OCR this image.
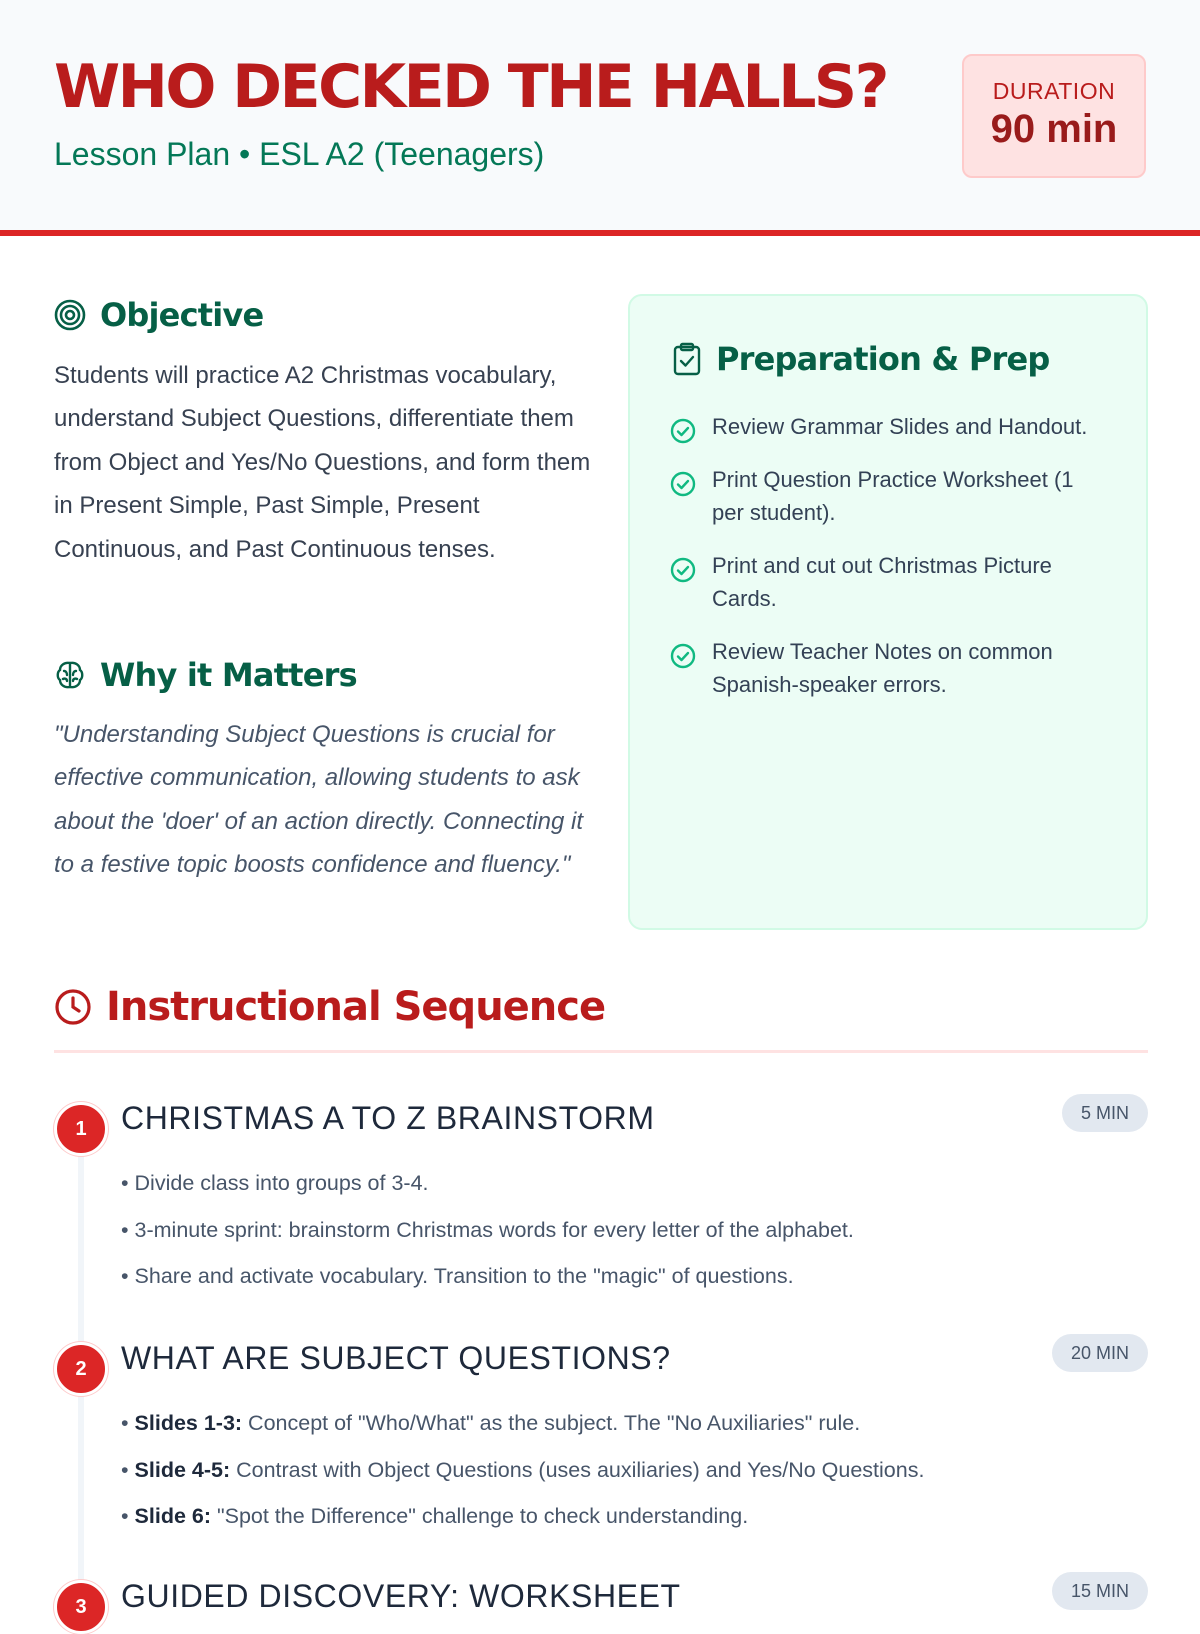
WHO DECKED THE HALLS?
Lesson Plan • ESL A2 (Teenagers)
DURATION
90 min
Objective

Students will practice A2 Christmas vocabulary, understand Subject Questions, differentiate them from Object and Yes/No Questions, and form them in Present Simple, Past Simple, Present Continuous, and Past Continuous tenses.

Why it Matters

"Understanding Subject Questions is crucial for effective communication, allowing students to ask about the 'doer' of an action directly. Connecting it to a festive topic boosts confidence and fluency."

Preparation & Prep
Review Grammar Slides and Handout.
Print Question Practice Worksheet (1 per student).
Print and cut out Christmas Picture Cards.
Review Teacher Notes on common Spanish-speaker errors.
Instructional Sequence
1	CHRISTMAS A TO Z BRAINSTORM	5 MIN
• Divide class into groups of 3-4.
• 3-minute sprint: brainstorm Christmas words for every letter of the alphabet.
• Share and activate vocabulary. Transition to the "magic" of questions.
2	WHAT ARE SUBJECT QUESTIONS?	20 MIN
• Slides 1-3: Concept of "Who/What" as the subject. The "No Auxiliaries" rule.
• Slide 4-5: Contrast with Object Questions (uses auxiliaries) and Yes/No Questions.
• Slide 6: "Spot the Difference" challenge to check understanding.
3	GUIDED DISCOVERY: WORKSHEET	15 MIN
